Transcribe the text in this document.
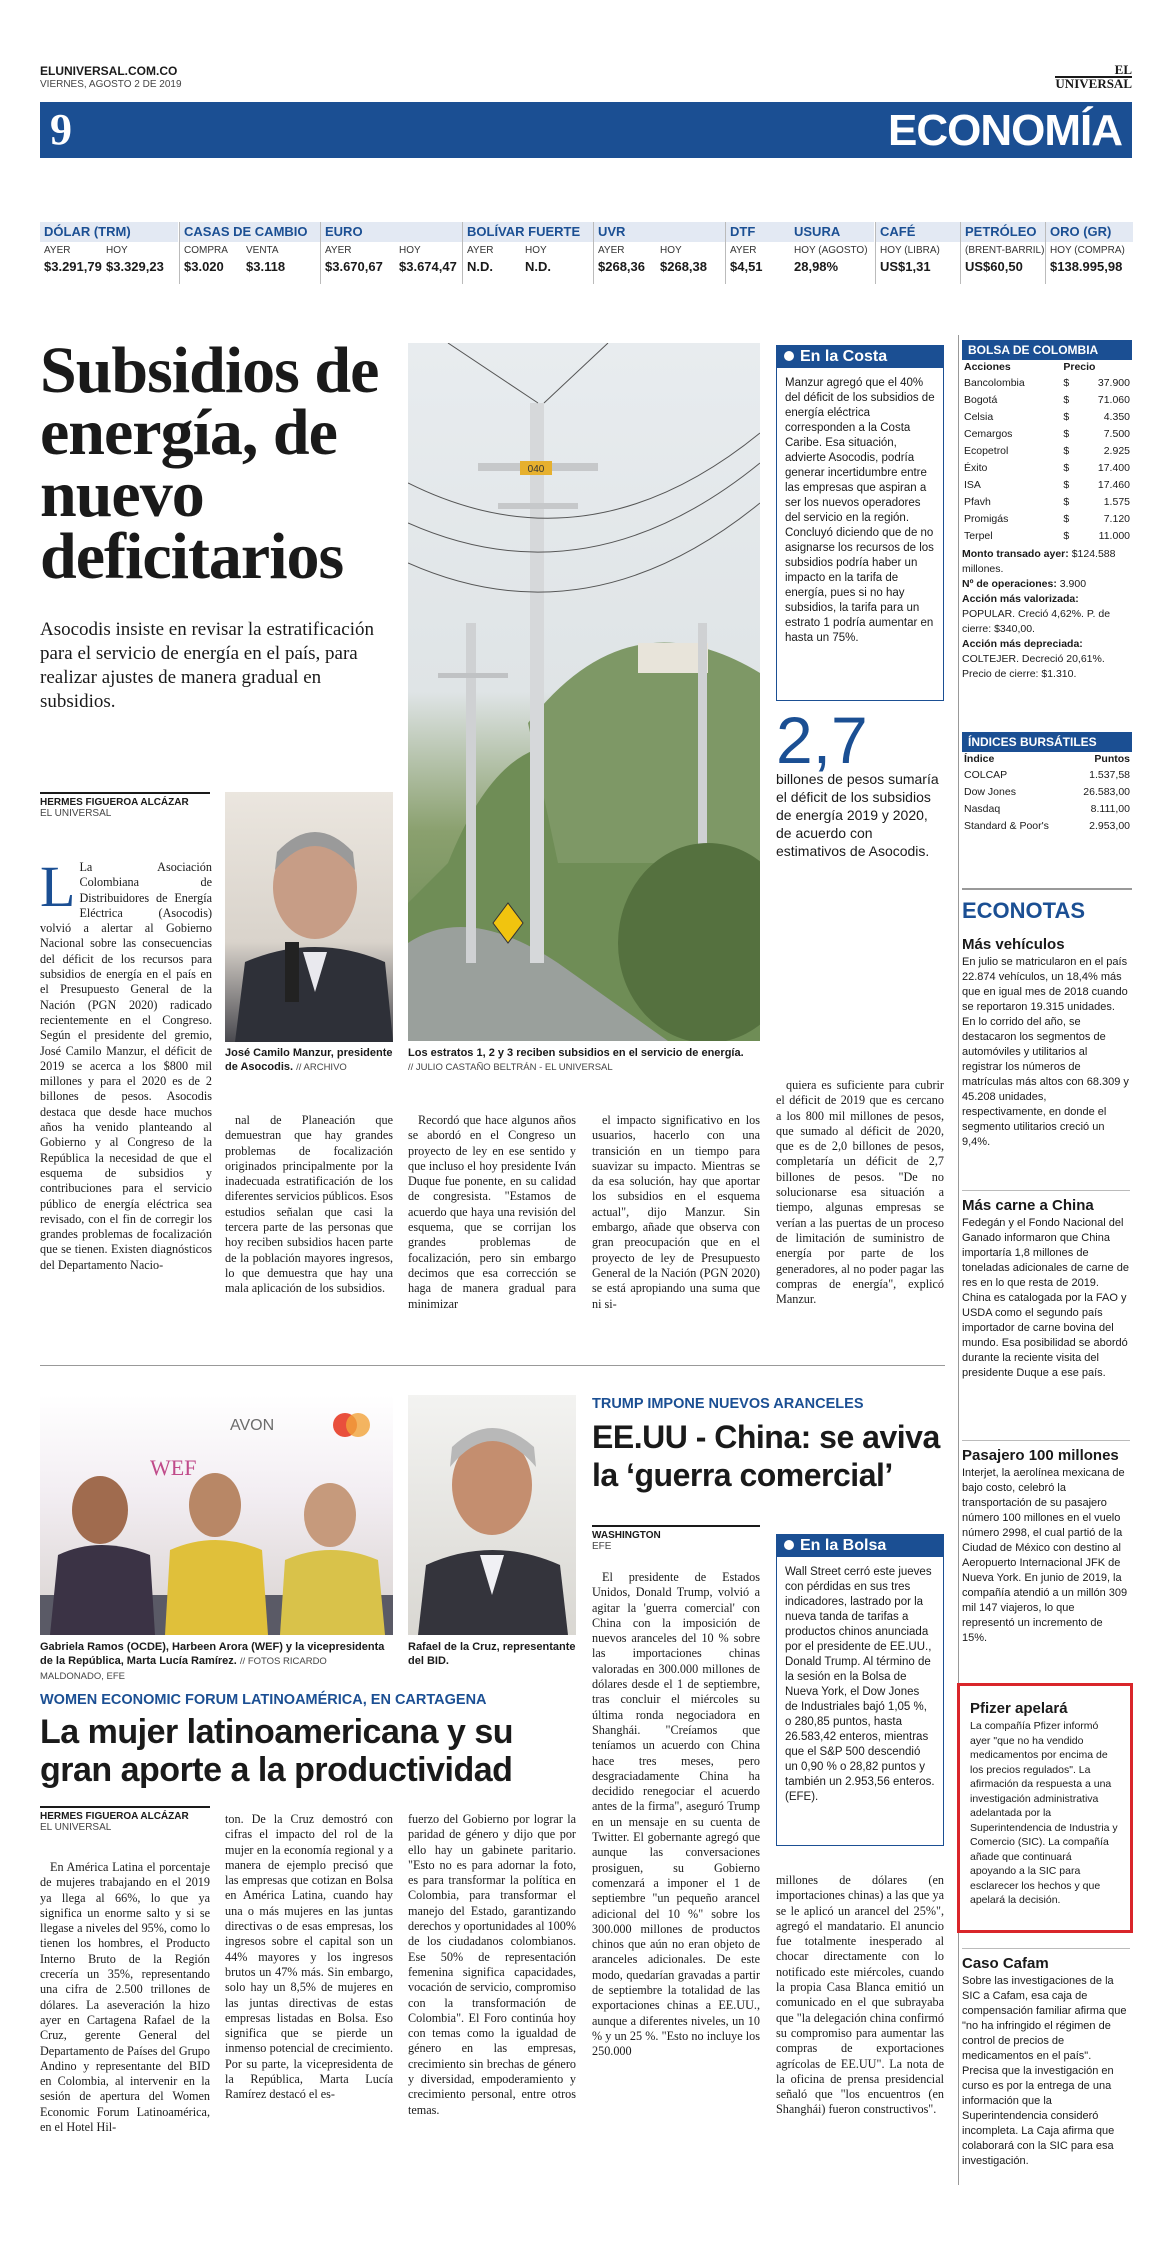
ELUNIVERSAL.COM.CO
VIERNES, AGOSTO 2 DE 2019
EL
UNIVERSAL
9	ECONOMÍA
DÓLAR (TRM)
AYER	HOY
$3.291,79 $3.329,23
CASAS DE CAMBIO
COMPRA VENTA
$3.020 $3.118
EURO
AYER	HOY
$3.670,67 $3.674,47
BOLÍVAR FUERTE
AYER	HOY
N.D. N.D.
UVR
AYER	HOY
$268,36 $268,38
DTF
AYER
$4,51
USURA
HOY (AGOSTO)
28,98%
CAFÉ
HOY (LIBRA)
US$1,31
PETRÓLEO
(BRENT-BARRIL)
US$60,50
ORO (GR)
HOY (COMPRA)
$138.995,98
Subsidios de energía, de nuevo deficitarios
Asocodis insiste en revisar la estratificación para el servicio de energía en el país, para realizar ajustes de manera gradual en subsidios.
HERMES FIGUEROA ALCÁZAR
EL UNIVERSAL
José Camilo Manzur, presidente de Asocodis. // ARCHIVO
040
Los estratos 1, 2 y 3 reciben subsidios en el servicio de energía.
// JULIO CASTAÑO BELTRÁN - EL UNIVERSAL

L La Asociación Colombiana de Distribuidores de Energía Eléctrica (Asocodis) volvió a alertar al Gobierno Nacional sobre las consecuencias del déficit de los recursos para subsidios de energía en el país en el Presupuesto General de la Nación (PGN 2020) radicado recientemente en el Congreso. Según el presidente del gremio, José Camilo Manzur, el déficit de 2019 se acerca a los $800 mil millones y para el 2020 es de 2 billones de pesos. Asocodis destaca que desde hace muchos años ha venido planteando al Gobierno y al Congreso de la República la necesidad de que el esquema de subsidios y contribuciones para el servicio público de energía eléctrica sea revisado, con el fin de corregir los grandes problemas de focalización que se tienen. Existen diagnósticos del Departamento Nacio-

nal de Planeación que demuestran que hay grandes problemas de focalización originados principalmente por la inadecuada estratificación de los diferentes servicios públicos. Esos estudios señalan que casi la tercera parte de las personas que hoy reciben subsidios hacen parte de la población mayores ingresos, lo que demuestra que hay una mala aplicación de los subsidios.

Recordó que hace algunos años se abordó en el Congreso un proyecto de ley en ese sentido y que incluso el hoy presidente Iván Duque fue ponente, en su calidad de congresista. "Estamos de acuerdo que haya una revisión del esquema, que se corrijan los grandes problemas de focalización, pero sin embargo decimos que esa corrección se haga de manera gradual para minimizar

el impacto significativo en los usuarios, hacerlo con una transición en un tiempo para suavizar su impacto. Mientras se da esa solución, hay que aportar los subsidios en el esquema actual", dijo Manzur. Sin embargo, añade que observa con gran preocupación que en el proyecto de ley de Presupuesto General de la Nación (PGN 2020) se está apropiando una suma que ni si-

quiera es suficiente para cubrir el déficit de 2019 que es cercano a los 800 mil millones de pesos, que sumado al déficit de 2020, que es de 2,0 billones de pesos, completaría un déficit de 2,7 billones de pesos. "De no solucionarse esa situación a tiempo, algunas empresas se verían a las puertas de un proceso de limitación de suministro de energía por parte de los generadores, al no poder pagar las compras de energía", explicó Manzur.

En la Costa
Manzur agregó que el 40% del déficit de los subsidios de energía eléctrica corresponden a la Costa Caribe. Esa situación, advierte Asocodis, podría generar incertidumbre entre las empresas que aspiran a ser los nuevos operadores del servicio en la región. Concluyó diciendo que de no asignarse los recursos de los subsidios podría haber un impacto en la tarifa de energía, pues si no hay subsidios, la tarifa para un estrato 1 podría aumentar en hasta un 75%.
2,7
billones de pesos sumaría el déficit de los subsidios de energía 2019 y 2020, de acuerdo con estimativos de Asocodis.
BOLSA DE COLOMBIA
Acciones	Precio	
Bancolombia	$	37.900
Bogotá	$	71.060
Celsia	$	4.350
Cemargos	$	7.500
Ecopetrol	$	2.925
Éxito	$	17.400
ISA	$	17.460
Pfavh	$	1.575
Promigás	$	7.120
Terpel	$	11.000
Monto transado ayer: $124.588 millones.
Nº de operaciones: 3.900
Acción más valorizada: POPULAR. Creció 4,62%. P. de cierre: $340,00.
Acción más depreciada: COLTEJER. Decreció 20,61%. Precio de cierre: $1.310.
ÍNDICES BURSÁTILES
Índice	Puntos
COLCAP	1.537,58
Dow Jones	26.583,00
Nasdaq	8.111,00
Standard & Poor's	2.953,00
ECONOTAS
Más vehículos
En julio se matricularon en el país 22.874 vehículos, un 18,4% más que en igual mes de 2018 cuando se reportaron 19.315 unidades. En lo corrido del año, se destacaron los segmentos de automóviles y utilitarios al registrar los números de matrículas más altos con 68.309 y 45.208 unidades, respectivamente, en donde el segmento utilitarios creció un 9,4%.
Más carne a China
Fedegán y el Fondo Nacional del Ganado informaron que China importaría 1,8 millones de toneladas adicionales de carne de res en lo que resta de 2019. China es catalogada por la FAO y USDA como el segundo país importador de carne bovina del mundo. Esa posibilidad se abordó durante la reciente visita del presidente Duque a ese país.
Pasajero 100 millones
Interjet, la aerolínea mexicana de bajo costo, celebró la transportación de su pasajero número 100 millones en el vuelo número 2998, el cual partió de la Ciudad de México con destino al Aeropuerto Internacional JFK de Nueva York. En junio de 2019, la compañía atendió a un millón 309 mil 147 viajeros, lo que representó un incremento de 15%.
Pfizer apelará
La compañía Pfizer informó ayer "que no ha vendido medicamentos por encima de los precios regulados". La afirmación da respuesta a una investigación administrativa adelantada por la Superintendencia de Industria y Comercio (SIC). La compañía añade que continuará apoyando a la SIC para esclarecer los hechos y que apelará la decisión.
Caso Cafam
Sobre las investigaciones de la SIC a Cafam, esa caja de compensación familiar afirma que "no ha infringido el régimen de control de precios de medicamentos en el país". Precisa que la investigación en curso es por la entrega de una información que la Superintendencia consideró incompleta. La Caja afirma que colaborará con la SIC para esa investigación.
AVON
WEF
Gabriela Ramos (OCDE), Harbeen Arora (WEF) y la vicepresidenta de la República, Marta Lucía Ramírez. // FOTOS RICARDO MALDONADO, EFE
Rafael de la Cruz, representante del BID.
WOMEN ECONOMIC FORUM LATINOAMÉRICA, EN CARTAGENA
La mujer latinoamericana y su gran aporte a la productividad
HERMES FIGUEROA ALCÁZAR
EL UNIVERSAL

En América Latina el porcentaje de mujeres trabajando en el 2019 ya llega al 66%, lo que ya significa un enorme salto y si se llegase a niveles del 95%, como lo tienen los hombres, el Producto Interno Bruto de la Región crecería un 35%, representando una cifra de 2.500 trillones de dólares. La aseveración la hizo ayer en Cartagena Rafael de la Cruz, gerente General del Departamento de Países del Grupo Andino y representante del BID en Colombia, al intervenir en la sesión de apertura del Women Economic Forum Latinoamérica, en el Hotel Hil-

ton. De la Cruz demostró con cifras el impacto del rol de la mujer en la economía regional y a manera de ejemplo precisó que las empresas que cotizan en Bolsa en América Latina, cuando hay una o más mujeres en las juntas directivas o de esas empresas, los ingresos sobre el capital son un 44% mayores y los ingresos brutos un 47% más. Sin embargo, solo hay un 8,5% de mujeres en las juntas directivas de estas empresas listadas en Bolsa. Eso significa que se pierde un inmenso potencial de crecimiento. Por su parte, la vicepresidenta de la República, Marta Lucía Ramírez destacó el es-

fuerzo del Gobierno por lograr la paridad de género y dijo que por ello hay un gabinete paritario. "Esto no es para adornar la foto, es para transformar la política en Colombia, para transformar el manejo del Estado, garantizando derechos y oportunidades al 100% de los ciudadanos colombianos. Ese 50% de representación femenina significa capacidades, vocación de servicio, compromiso con la transformación de Colombia". El Foro continúa hoy con temas como la igualdad de género en las empresas, crecimiento sin brechas de género y diversidad, empoderamiento y crecimiento personal, entre otros temas.

TRUMP IMPONE NUEVOS ARANCELES
EE.UU - China: se aviva la ‘guerra comercial’
WASHINGTON
EFE

El presidente de Estados Unidos, Donald Trump, volvió a agitar la 'guerra comercial' con China con la imposición de nuevos aranceles del 10 % sobre las importaciones chinas valoradas en 300.000 millones de dólares desde el 1 de septiembre, tras concluir el miércoles su última ronda negociadora en Shanghái. "Creíamos que teníamos un acuerdo con China hace tres meses, pero desgraciadamente China ha decidido renegociar el acuerdo antes de la firma", aseguró Trump en un mensaje en su cuenta de Twitter. El gobernante agregó que aunque las conversaciones prosiguen, su Gobierno comenzará a imponer el 1 de septiembre "un pequeño arancel adicional del 10 %" sobre los 300.000 millones de productos chinos que aún no eran objeto de aranceles adicionales. De este modo, quedarían gravadas a partir de septiembre la totalidad de las exportaciones chinas a EE.UU., aunque a diferentes niveles, un 10 % y un 25 %. "Esto no incluye los 250.000

millones de dólares (en importaciones chinas) a las que ya se le aplicó un arancel del 25%", agregó el mandatario. El anuncio fue totalmente inesperado al chocar directamente con lo notificado este miércoles, cuando la propia Casa Blanca emitió un comunicado en el que subrayaba que "la delegación china confirmó su compromiso para aumentar las compras de exportaciones agrícolas de EE.UU". La nota de la oficina de prensa presidencial señaló que "los encuentros (en Shanghái) fueron constructivos".

En la Bolsa
Wall Street cerró este jueves con pérdidas en sus tres indicadores, lastrado por la nueva tanda de tarifas a productos chinos anunciada por el presidente de EE.UU., Donald Trump. Al término de la sesión en la Bolsa de Nueva York, el Dow Jones de Industriales bajó 1,05 %, o 280,85 puntos, hasta 26.583,42 enteros, mientras que el S&P 500 descendió un 0,90 % o 28,82 puntos y también un 2.953,56 enteros. (EFE).
